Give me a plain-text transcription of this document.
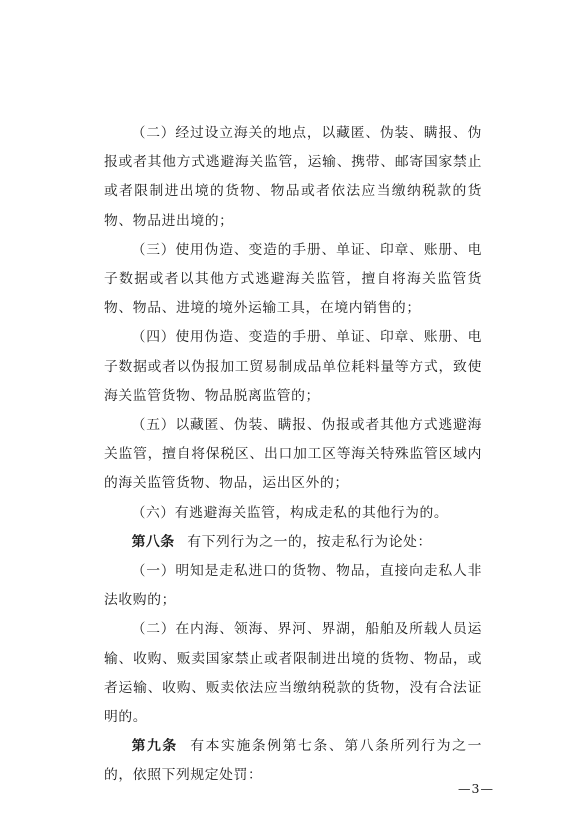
（二）经过设立海关的地点，以藏匿、伪装、瞒报、伪报或者其他方式逃避海关监管，运输、携带、邮寄国家禁止或者限制进出境的货物、物品或者依法应当缴纳税款的货物、物品进出境的；

（三）使用伪造、变造的手册、单证、印章、账册、电子数据或者以其他方式逃避海关监管，擅自将海关监管货物、物品、进境的境外运输工具，在境内销售的；

（四）使用伪造、变造的手册、单证、印章、账册、电子数据或者以伪报加工贸易制成品单位耗料量等方式，致使海关监管货物、物品脱离监管的；

（五）以藏匿、伪装、瞒报、伪报或者其他方式逃避海关监管，擅自将保税区、出口加工区等海关特殊监管区域内的海关监管货物、物品，运出区外的；

（六）有逃避海关监管，构成走私的其他行为的。

第八条 有下列行为之一的，按走私行为论处：

（一）明知是走私进口的货物、物品，直接向走私人非法收购的；

（二）在内海、领海、界河、界湖，船舶及所载人员运输、收购、贩卖国家禁止或者限制进出境的货物、物品，或者运输、收购、贩卖依法应当缴纳税款的货物，没有合法证明的。

第九条 有本实施条例第七条、第八条所列行为之一的，依照下列规定处罚：

—3—
